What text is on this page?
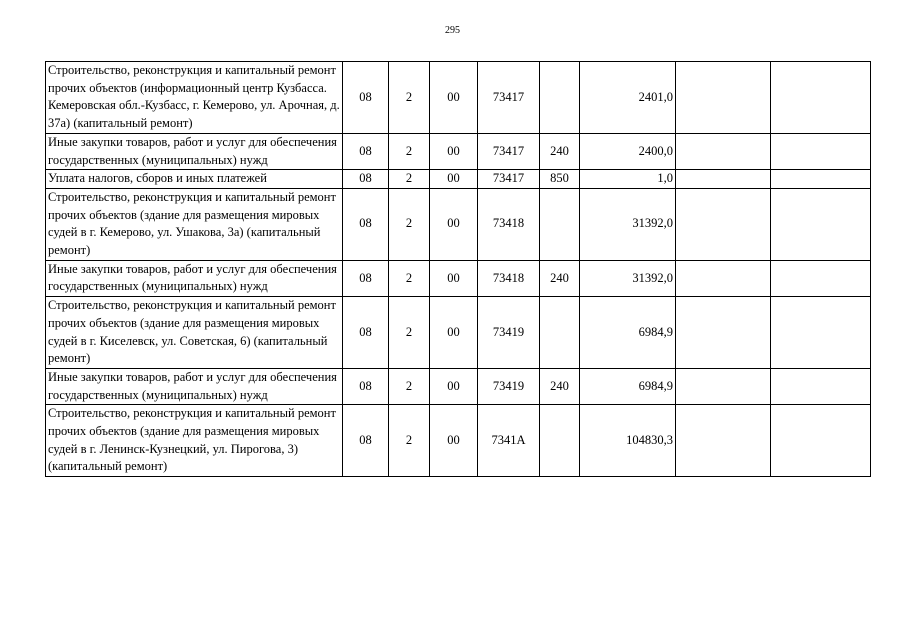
295
Строительство, реконструкция и капитальный ремонт прочих объектов (информационный центр Кузбасса. Кемеровская обл.-Кузбасс, г. Кемерово, ул. Арочная, д. 37а) (капитальный ремонт)	08	2	00	73417		2401,0		
Иные закупки товаров, работ и услуг для обеспечения государственных (муниципальных) нужд	08	2	00	73417	240	2400,0		
Уплата налогов, сборов и иных платежей	08	2	00	73417	850	1,0		
Строительство, реконструкция и капитальный ремонт прочих объектов (здание для размещения мировых судей в г. Кемерово, ул. Ушакова, 3а) (капитальный ремонт)	08	2	00	73418		31392,0		
Иные закупки товаров, работ и услуг для обеспечения государственных (муниципальных) нужд	08	2	00	73418	240	31392,0		
Строительство, реконструкция и капитальный ремонт прочих объектов (здание для размещения мировых судей в г. Киселевск, ул. Советская, 6) (капитальный ремонт)	08	2	00	73419		6984,9		
Иные закупки товаров, работ и услуг для обеспечения государственных (муниципальных) нужд	08	2	00	73419	240	6984,9		
Строительство, реконструкция и капитальный ремонт прочих объектов (здание для размещения мировых судей в г. Ленинск-Кузнецкий, ул. Пирогова, 3) (капитальный ремонт)	08	2	00	7341А		104830,3		
